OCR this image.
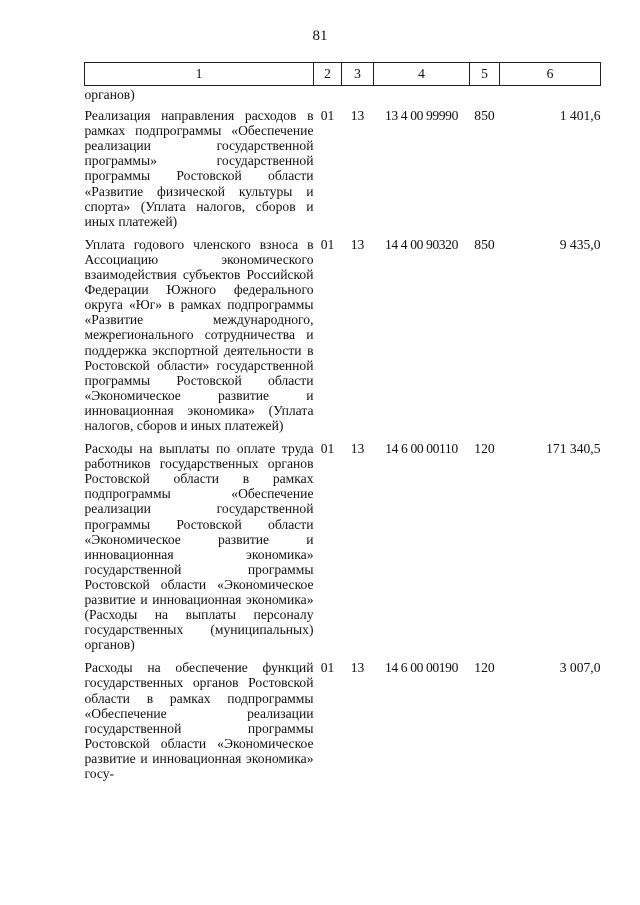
81
1	2	3	4	5	6
органов)					
Реализация направления расходов в рамках подпрограммы «Обеспечение реализации государственной программы» государственной программы Ростовской области «Развитие физической культуры и спорта» (Уплата налогов, сборов и иных платежей)	01	13	13 4 00 99990	850	1 401,6
Уплата годового членского взноса в Ассоциацию экономического взаимодействия субъектов Российской Федерации Южного федерального округа «Юг» в рамках подпрограммы «Развитие международного, межрегионального сотрудничества и поддержка экспортной деятельности в Ростовской области» государственной программы Ростовской области «Экономическое развитие и инновационная экономика» (Уплата налогов, сборов и иных платежей)	01	13	14 4 00 90320	850	9 435,0
Расходы на выплаты по оплате труда работников государственных органов Ростовской области в рамках подпрограммы «Обеспечение реализации государственной программы Ростовской области «Экономическое развитие и инновационная экономика» государственной программы Ростовской области «Экономическое развитие и инновационная экономика» (Расходы на выплаты персоналу государственных (муниципальных) органов)	01	13	14 6 00 00110	120	171 340,5
Расходы на обеспечение функций государственных органов Ростовской области в рамках подпрограммы «Обеспечение реализации государственной программы Ростовской области «Экономическое развитие и инновационная экономика» госу-	01	13	14 6 00 00190	120	3 007,0
